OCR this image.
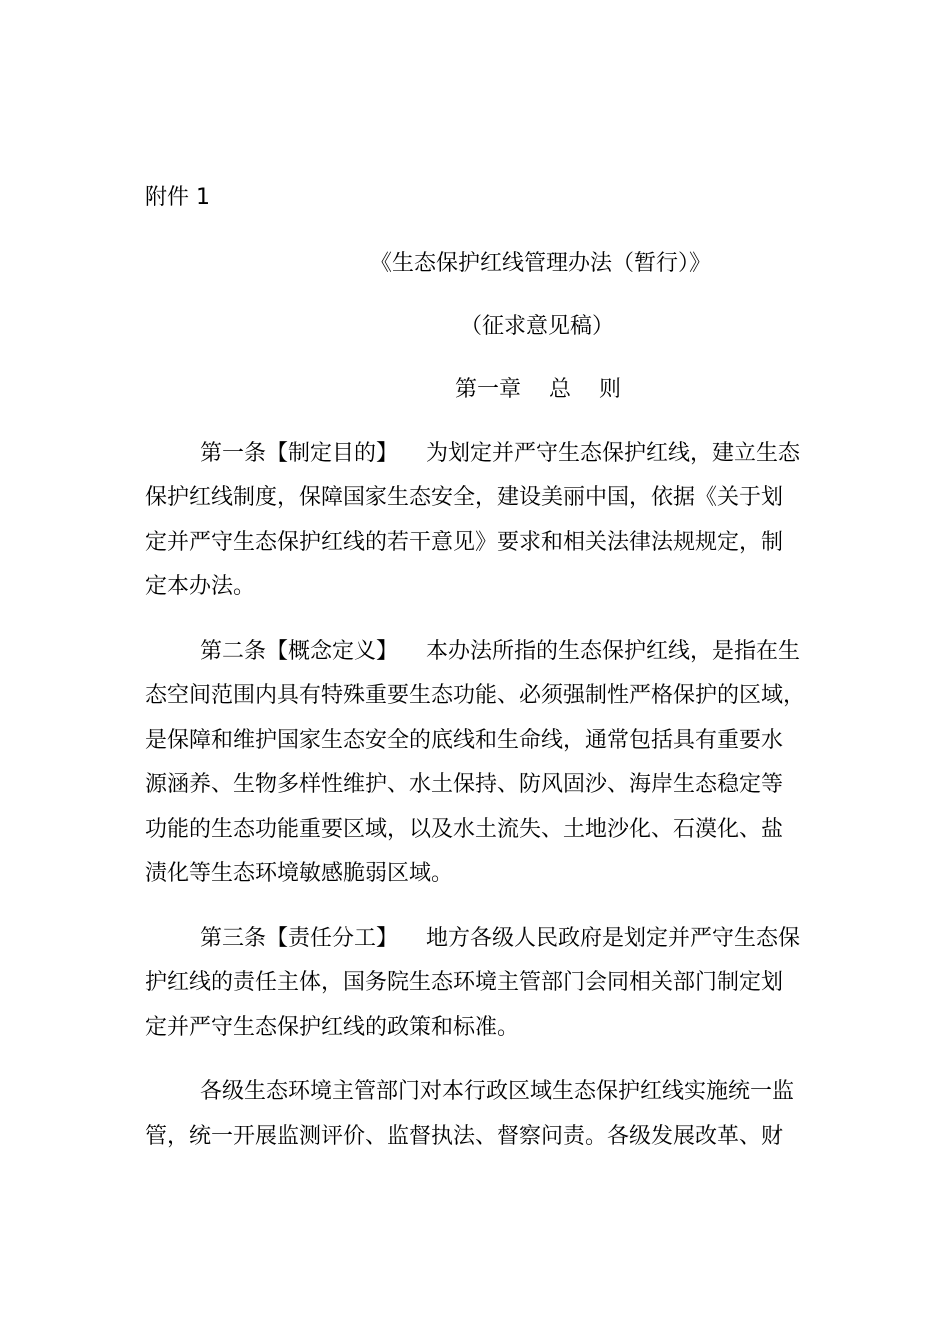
附件 1
《生态保护红线管理办法（暂行）》
（征求意见稿）
第一章    总    则
第一条【制定目的】    为划定并严守生态保护红线，建立生态
保护红线制度，保障国家生态安全，建设美丽中国，依据《关于划
定并严守生态保护红线的若干意见》要求和相关法律法规规定，制
定本办法。
第二条【概念定义】    本办法所指的生态保护红线，是指在生
态空间范围内具有特殊重要生态功能、必须强制性严格保护的区域，
是保障和维护国家生态安全的底线和生命线，通常包括具有重要水
源涵养、生物多样性维护、水土保持、防风固沙、海岸生态稳定等
功能的生态功能重要区域，以及水土流失、土地沙化、石漠化、盐
渍化等生态环境敏感脆弱区域。
第三条【责任分工】    地方各级人民政府是划定并严守生态保
护红线的责任主体，国务院生态环境主管部门会同相关部门制定划
定并严守生态保护红线的政策和标准。
各级生态环境主管部门对本行政区域生态保护红线实施统一监
管，统一开展监测评价、监督执法、督察问责。各级发展改革、财
